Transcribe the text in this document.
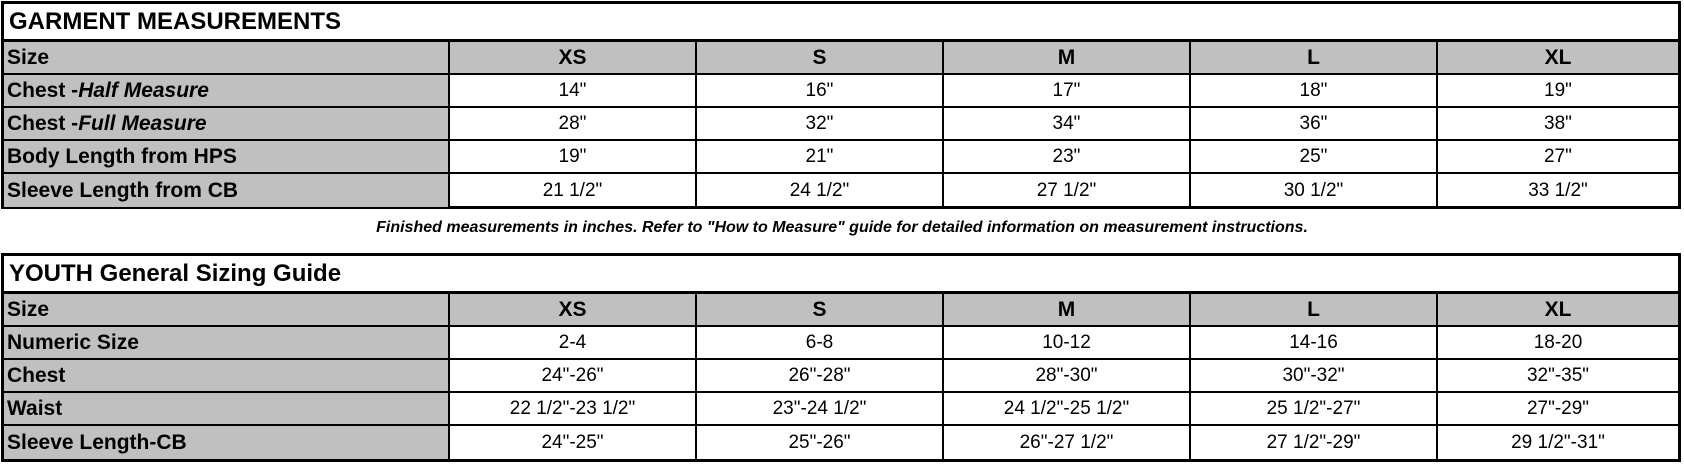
GARMENT MEASUREMENTS
Size	XS	S	M	L	XL
Chest - Half Measure	14"	16"	17"	18"	19"
Chest - Full Measure	28"	32"	34"	36"	38"
Body Length from HPS	19"	21"	23"	25"	27"
Sleeve Length from CB	21 1/2"	24 1/2"	27 1/2"	30 1/2"	33 1/2"
Finished measurements in inches. Refer to "How to Measure" guide for detailed information on measurement instructions.
YOUTH General Sizing Guide
Size	XS	S	M	L	XL
Numeric Size	2-4	6-8	10-12	14-16	18-20
Chest	24"-26"	26"-28"	28"-30"	30"-32"	32"-35"
Waist	22 1/2"-23 1/2"	23"-24 1/2"	24 1/2"-25 1/2"	25 1/2"-27"	27"-29"
Sleeve Length-CB	24"-25"	25"-26"	26"-27 1/2"	27 1/2"-29"	29 1/2"-31"
